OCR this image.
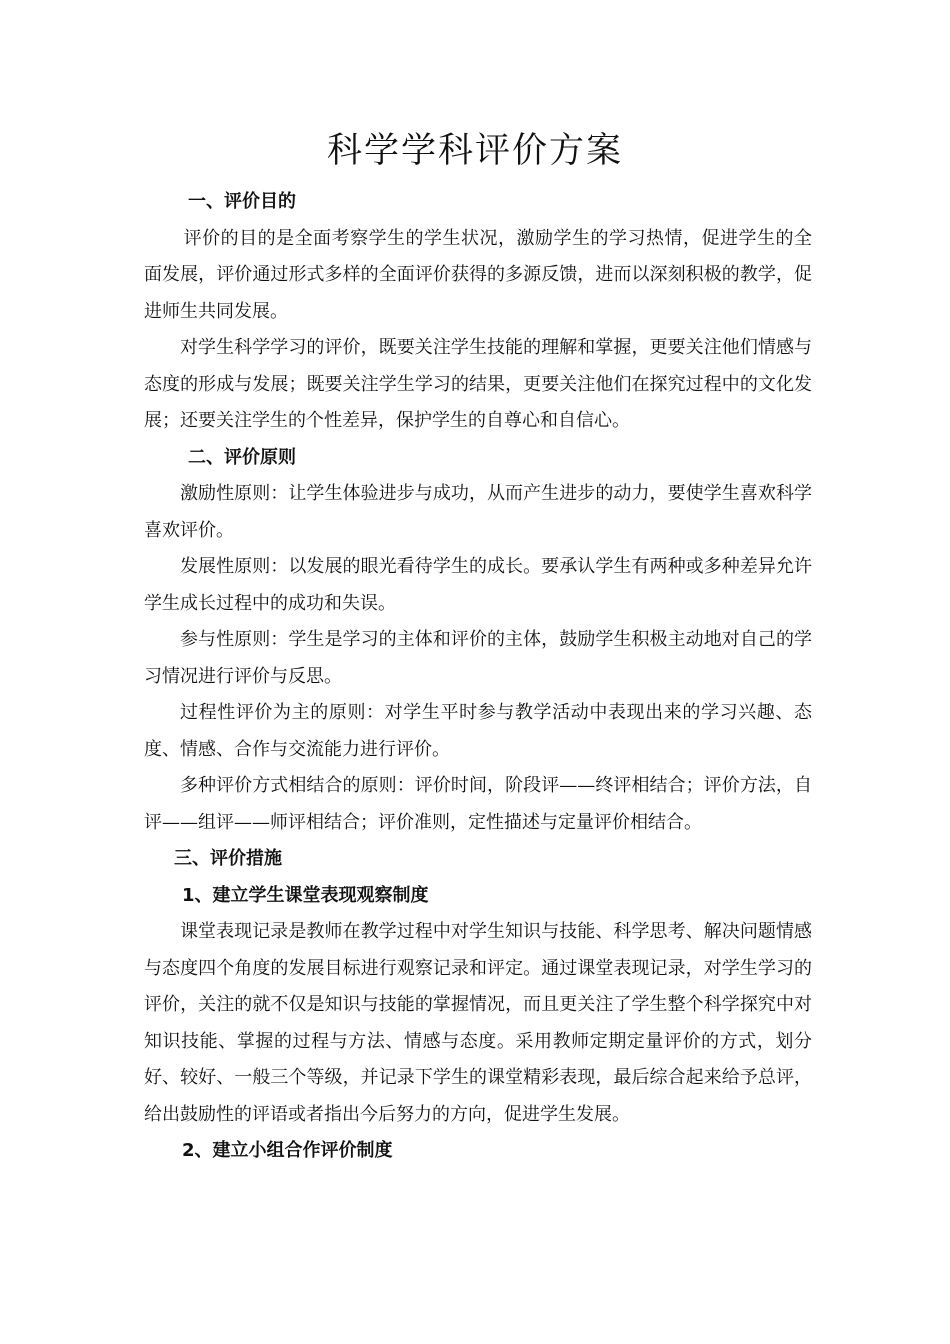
科学学科评价方案
一、评价目的

评价的目的是全面考察学生的学生状况，激励学生的学习热情，促进学生的全面发展，评价通过形式多样的全面评价获得的多源反馈，进而以深刻积极的教学，促进师生共同发展。

对学生科学学习的评价，既要关注学生技能的理解和掌握，更要关注他们情感与态度的形成与发展；既要关注学生学习的结果，更要关注他们在探究过程中的文化发展；还要关注学生的个性差异，保护学生的自尊心和自信心。

二、评价原则

激励性原则：让学生体验进步与成功，从而产生进步的动力，要使学生喜欢科学喜欢评价。

发展性原则：以发展的眼光看待学生的成长。要承认学生有两种或多种差异允许学生成长过程中的成功和失误。

参与性原则：学生是学习的主体和评价的主体，鼓励学生积极主动地对自己的学习情况进行评价与反思。

过程性评价为主的原则：对学生平时参与教学活动中表现出来的学习兴趣、态度、情感、合作与交流能力进行评价。

多种评价方式相结合的原则：评价时间，阶段评——终评相结合；评价方法，自评——组评——师评相结合；评价准则，定性描述与定量评价相结合。

三、评价措施
1、建立学生课堂表现观察制度

课堂表现记录是教师在教学过程中对学生知识与技能、科学思考、解决问题情感与态度四个角度的发展目标进行观察记录和评定。通过课堂表现记录，对学生学习的评价，关注的就不仅是知识与技能的掌握情况，而且更关注了学生整个科学探究中对知识技能、掌握的过程与方法、情感与态度。采用教师定期定量评价的方式，划分好、较好、一般三个等级，并记录下学生的课堂精彩表现，最后综合起来给予总评，给出鼓励性的评语或者指出今后努力的方向，促进学生发展。

2、建立小组合作评价制度
